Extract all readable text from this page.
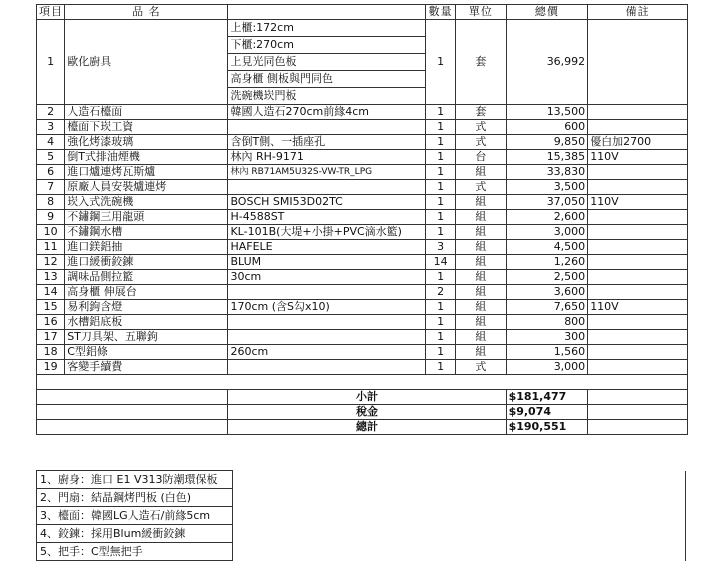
項目	品 名		數量	單位	總價	備註
1	歐化廚具	上櫃:172cm
下櫃:270cm
上見光同色板
高身櫃 側板與門同色
洗碗機崁門板	1	套	36,992	
2	人造石檯面	韓國人造石270cm前緣4cm	1	套	13,500	
3	檯面下崁工資		1	式	600	
4	強化烤漆玻璃	含倒T側、一插座孔	1	式	9,850	優白加2700
5	倒T式排油煙機	林內 RH-9171	1	台	15,385	110V
6	進口爐連烤瓦斯爐	林內 RB71AM5U32S-VW-TR_LPG	1	組	33,830	
7	原廠人員安裝爐連烤		1	式	3,500	
8	崁入式洗碗機	BOSCH SMI53D02TC	1	組	37,050	110V
9	不鏽鋼三用龍頭	H-4588ST	1	組	2,600	
10	不鏽鋼水槽	KL-101B(大堤+小掛+PVC滴水籃)	1	組	3,000	
11	進口鎂鋁抽	HAFELE	3	組	4,500	
12	進口緩衝鉸鍊	BLUM	14	組	1,260	
13	調味品側拉籃	30cm	1	組	2,500	
14	高身櫃 伸展台		2	組	3,600	
15	易利鉤含燈	170cm (含S勾x10)	1	組	7,650	110V
16	水槽鋁底板		1	組	800	
17	ST刀具架、五聯鉤		1	組	300	
18	C型鋁條	260cm	1	組	1,560	
19	客變手續費		1	式	3,000	

		小計			$181,477	
		稅金			$9,074	
		總計			$190,551	
1、廚身：進口 E1 V313防潮環保板	
2、門扇：結晶鋼烤門板 (白色)	
3、檯面：韓國LG人造石/前緣5cm	
4、鉸鍊：採用Blum緩衝鉸鍊	
5、把手：C型無把手	
